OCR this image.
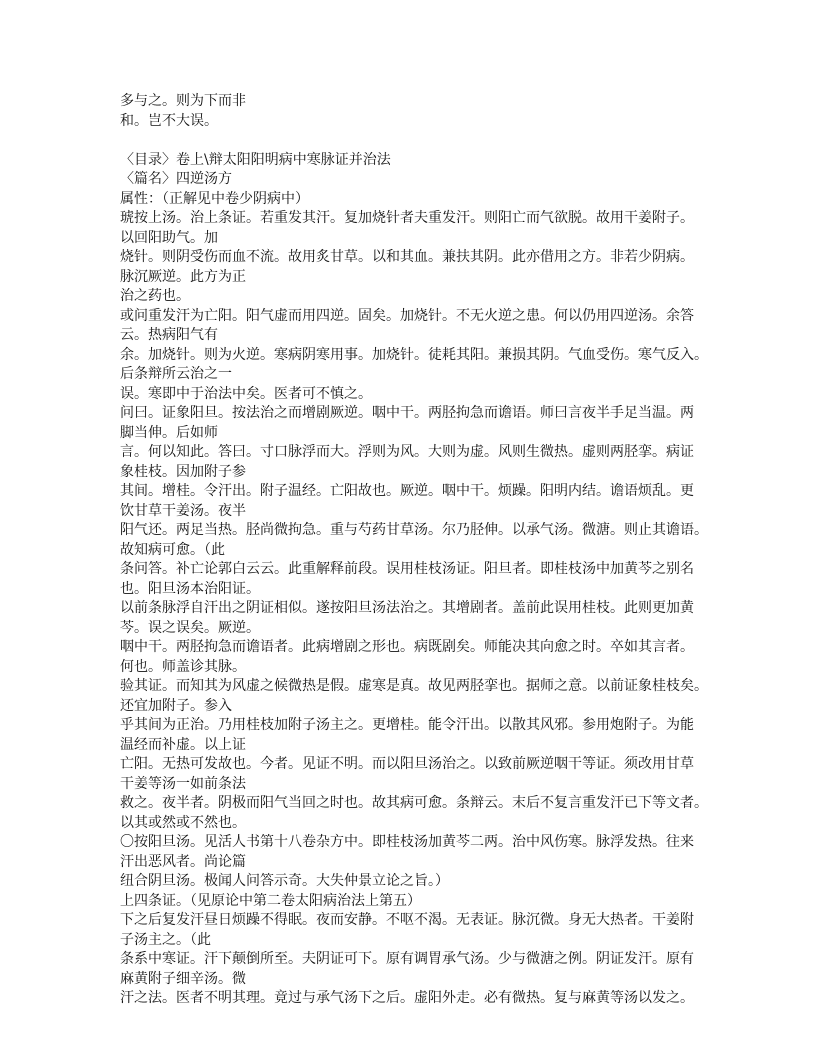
多与之。则为下而非
和。岂不大误。
〈目录〉卷上\辩太阳阳明病中寒脉证并治法
〈篇名〉四逆汤方
属性：（正解见中卷少阴病中）
琥按上汤。治上条证。若重发其汗。复加烧针者夫重发汗。则阳亡而气欲脱。故用干姜附子。
以回阳助气。加
烧针。则阴受伤而血不流。故用炙甘草。以和其血。兼扶其阴。此亦借用之方。非若少阴病。
脉沉厥逆。此方为正
治之药也。
或问重发汗为亡阳。阳气虚而用四逆。固矣。加烧针。不无火逆之患。何以仍用四逆汤。余答
云。热病阳气有
余。加烧针。则为火逆。寒病阴寒用事。加烧针。徒耗其阳。兼损其阴。气血受伤。寒气反入。
后条辩所云治之一
误。寒即中于治法中矣。医者可不慎之。
问曰。证象阳旦。按法治之而增剧厥逆。咽中干。两胫拘急而谵语。师曰言夜半手足当温。两
脚当伸。后如师
言。何以知此。答曰。寸口脉浮而大。浮则为风。大则为虚。风则生微热。虚则两胫挛。病证
象桂枝。因加附子参
其间。增桂。令汗出。附子温经。亡阳故也。厥逆。咽中干。烦躁。阳明内结。谵语烦乱。更
饮甘草干姜汤。夜半
阳气还。两足当热。胫尚微拘急。重与芍药甘草汤。尔乃胫伸。以承气汤。微溏。则止其谵语。
故知病可愈。（此
条问答。补亡论郭白云云。此重解释前段。误用桂枝汤证。阳旦者。即桂枝汤中加黄芩之别名
也。阳旦汤本治阳证。
以前条脉浮自汗出之阴证相似。遂按阳旦汤法治之。其增剧者。盖前此误用桂枝。此则更加黄
芩。误之误矣。厥逆。
咽中干。两胫拘急而谵语者。此病增剧之形也。病既剧矣。师能决其向愈之时。卒如其言者。
何也。师盖诊其脉。
验其证。而知其为风虚之候微热是假。虚寒是真。故见两胫挛也。据师之意。以前证象桂枝矣。
还宜加附子。参入
乎其间为正治。乃用桂枝加附子汤主之。更增桂。能令汗出。以散其风邪。参用炮附子。为能
温经而补虚。以上证
亡阳。无热可发故也。今者。见证不明。而以阳旦汤治之。以致前厥逆咽干等证。须改用甘草
干姜等汤一如前条法
救之。夜半者。阴极而阳气当回之时也。故其病可愈。条辩云。末后不复言重发汗已下等文者。
以其或然或不然也。
〇按阳旦汤。见活人书第十八卷杂方中。即桂枝汤加黄芩二两。治中风伤寒。脉浮发热。往来
汗出恶风者。尚论篇
纽合阴旦汤。极闻人问答示奇。大失仲景立论之旨。）
上四条证。（见原论中第二卷太阳病治法上第五）
下之后复发汗昼日烦躁不得眠。夜而安静。不呕不渴。无表证。脉沉微。身无大热者。干姜附
子汤主之。（此
条系中寒证。汗下颠倒所至。夫阴证可下。原有调胃承气汤。少与微溏之例。阴证发汗。原有
麻黄附子细辛汤。微
汗之法。医者不明其理。竟过与承气汤下之后。虚阳外走。必有微热。复与麻黄等汤以发之。
